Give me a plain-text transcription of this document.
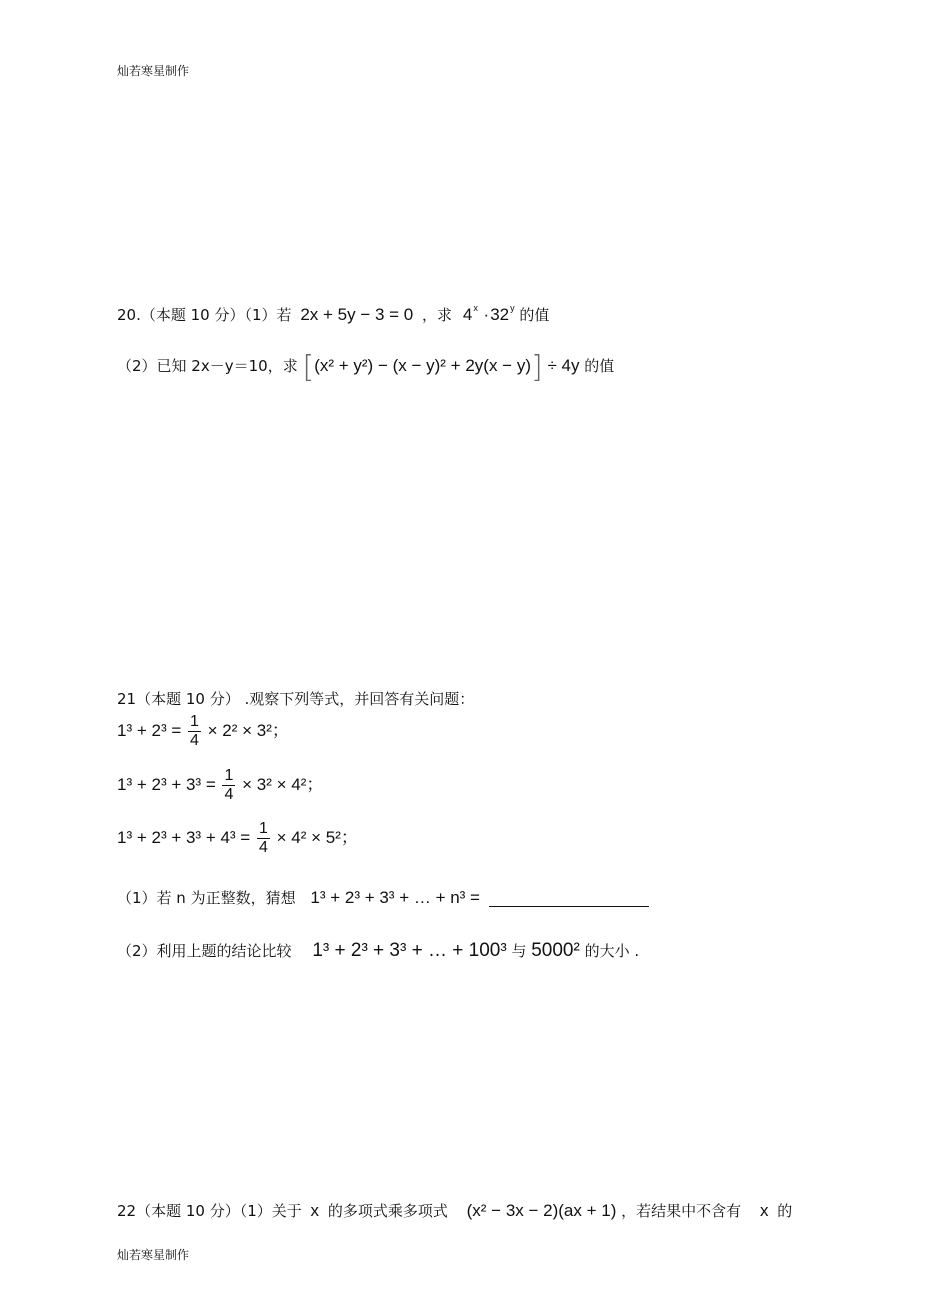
灿若寒星制作
20.（本题 10 分）（1）若 2x + 5y − 3 = 0 ，求 $4^x \cdot 32^y$ 的值
（2）已知 2x－y＝10，求 [(x² + y²) − (x − y)² + 2y(x − y)] ÷ 4y 的值
21（本题 10 分） .观察下列等式，并回答有关问题：
$1^3 + 2^3 = \frac{1}{4} \times 2^2 \times 3^2$；
$1^3 + 2^3 + 3^3 = \frac{1}{4} \times 3^2 \times 4^2$；
$1^3 + 2^3 + 3^3 + 4^3 = \frac{1}{4} \times 4^2 \times 5^2$；
（1）若 n 为正整数，猜想 1³ + 2³ + 3³ + … + n³ =
（2）利用上题的结论比较 1³ + 2³ + 3³ + … + 100³ 与 5000² 的大小 .
22（本题 10 分）（1）关于 x 的多项式乘多项式 (x² − 3x − 2)(ax + 1) ，若结果中不含有 x 的
灿若寒星制作
